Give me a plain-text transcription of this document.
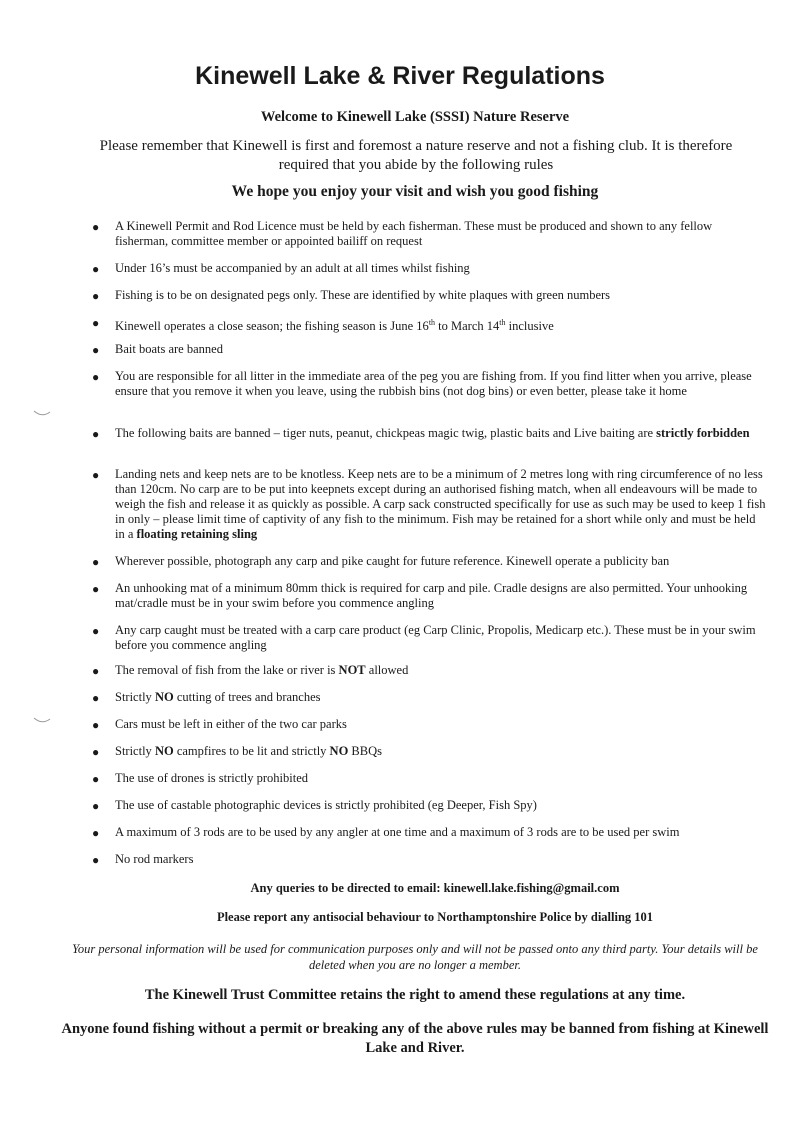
Kinewell Lake & River Regulations
Welcome to Kinewell Lake (SSSI) Nature Reserve
Please remember that Kinewell is first and foremost a nature reserve and not a fishing club. It is therefore required that you abide by the following rules
We hope you enjoy your visit and wish you good fishing
● A Kinewell Permit and Rod Licence must be held by each fisherman. These must be produced and shown to any fellow fisherman, committee member or appointed bailiff on request
● Under 16’s must be accompanied by an adult at all times whilst fishing
● Fishing is to be on designated pegs only. These are identified by white plaques with green numbers
● Kinewell operates a close season; the fishing season is June 16th to March 14th inclusive
● Bait boats are banned
● You are responsible for all litter in the immediate area of the peg you are fishing from. If you find litter when you arrive, please ensure that you remove it when you leave, using the rubbish bins (not dog bins) or even better, please take it home
● The following baits are banned – tiger nuts, peanut, chickpeas magic twig, plastic baits and Live baiting are strictly forbidden
● Landing nets and keep nets are to be knotless. Keep nets are to be a minimum of 2 metres long with ring circumference of no less than 120cm. No carp are to be put into keepnets except during an authorised fishing match, when all endeavours will be made to weigh the fish and release it as quickly as possible. A carp sack constructed specifically for use as such may be used to keep 1 fish in only – please limit time of captivity of any fish to the minimum. Fish may be retained for a short while only and must be held in a floating retaining sling
● Wherever possible, photograph any carp and pike caught for future reference. Kinewell operate a publicity ban
● An unhooking mat of a minimum 80mm thick is required for carp and pile. Cradle designs are also permitted. Your unhooking mat/cradle must be in your swim before you commence angling
● Any carp caught must be treated with a carp care product (eg Carp Clinic, Propolis, Medicarp etc.). These must be in your swim before you commence angling
● The removal of fish from the lake or river is NOT allowed
● Strictly NO cutting of trees and branches
● Cars must be left in either of the two car parks
● Strictly NO campfires to be lit and strictly NO BBQs
● The use of drones is strictly prohibited
● The use of castable photographic devices is strictly prohibited (eg Deeper, Fish Spy)
● A maximum of 3 rods are to be used by any angler at one time and a maximum of 3 rods are to be used per swim
● No rod markers
Any queries to be directed to email: kinewell.lake.fishing@gmail.com
Please report any antisocial behaviour to Northamptonshire Police by dialling 101
Your personal information will be used for communication purposes only and will not be passed onto any third party. Your details will be deleted when you are no longer a member.
The Kinewell Trust Committee retains the right to amend these regulations at any time.
Anyone found fishing without a permit or breaking any of the above rules may be banned from fishing at Kinewell Lake and River.
